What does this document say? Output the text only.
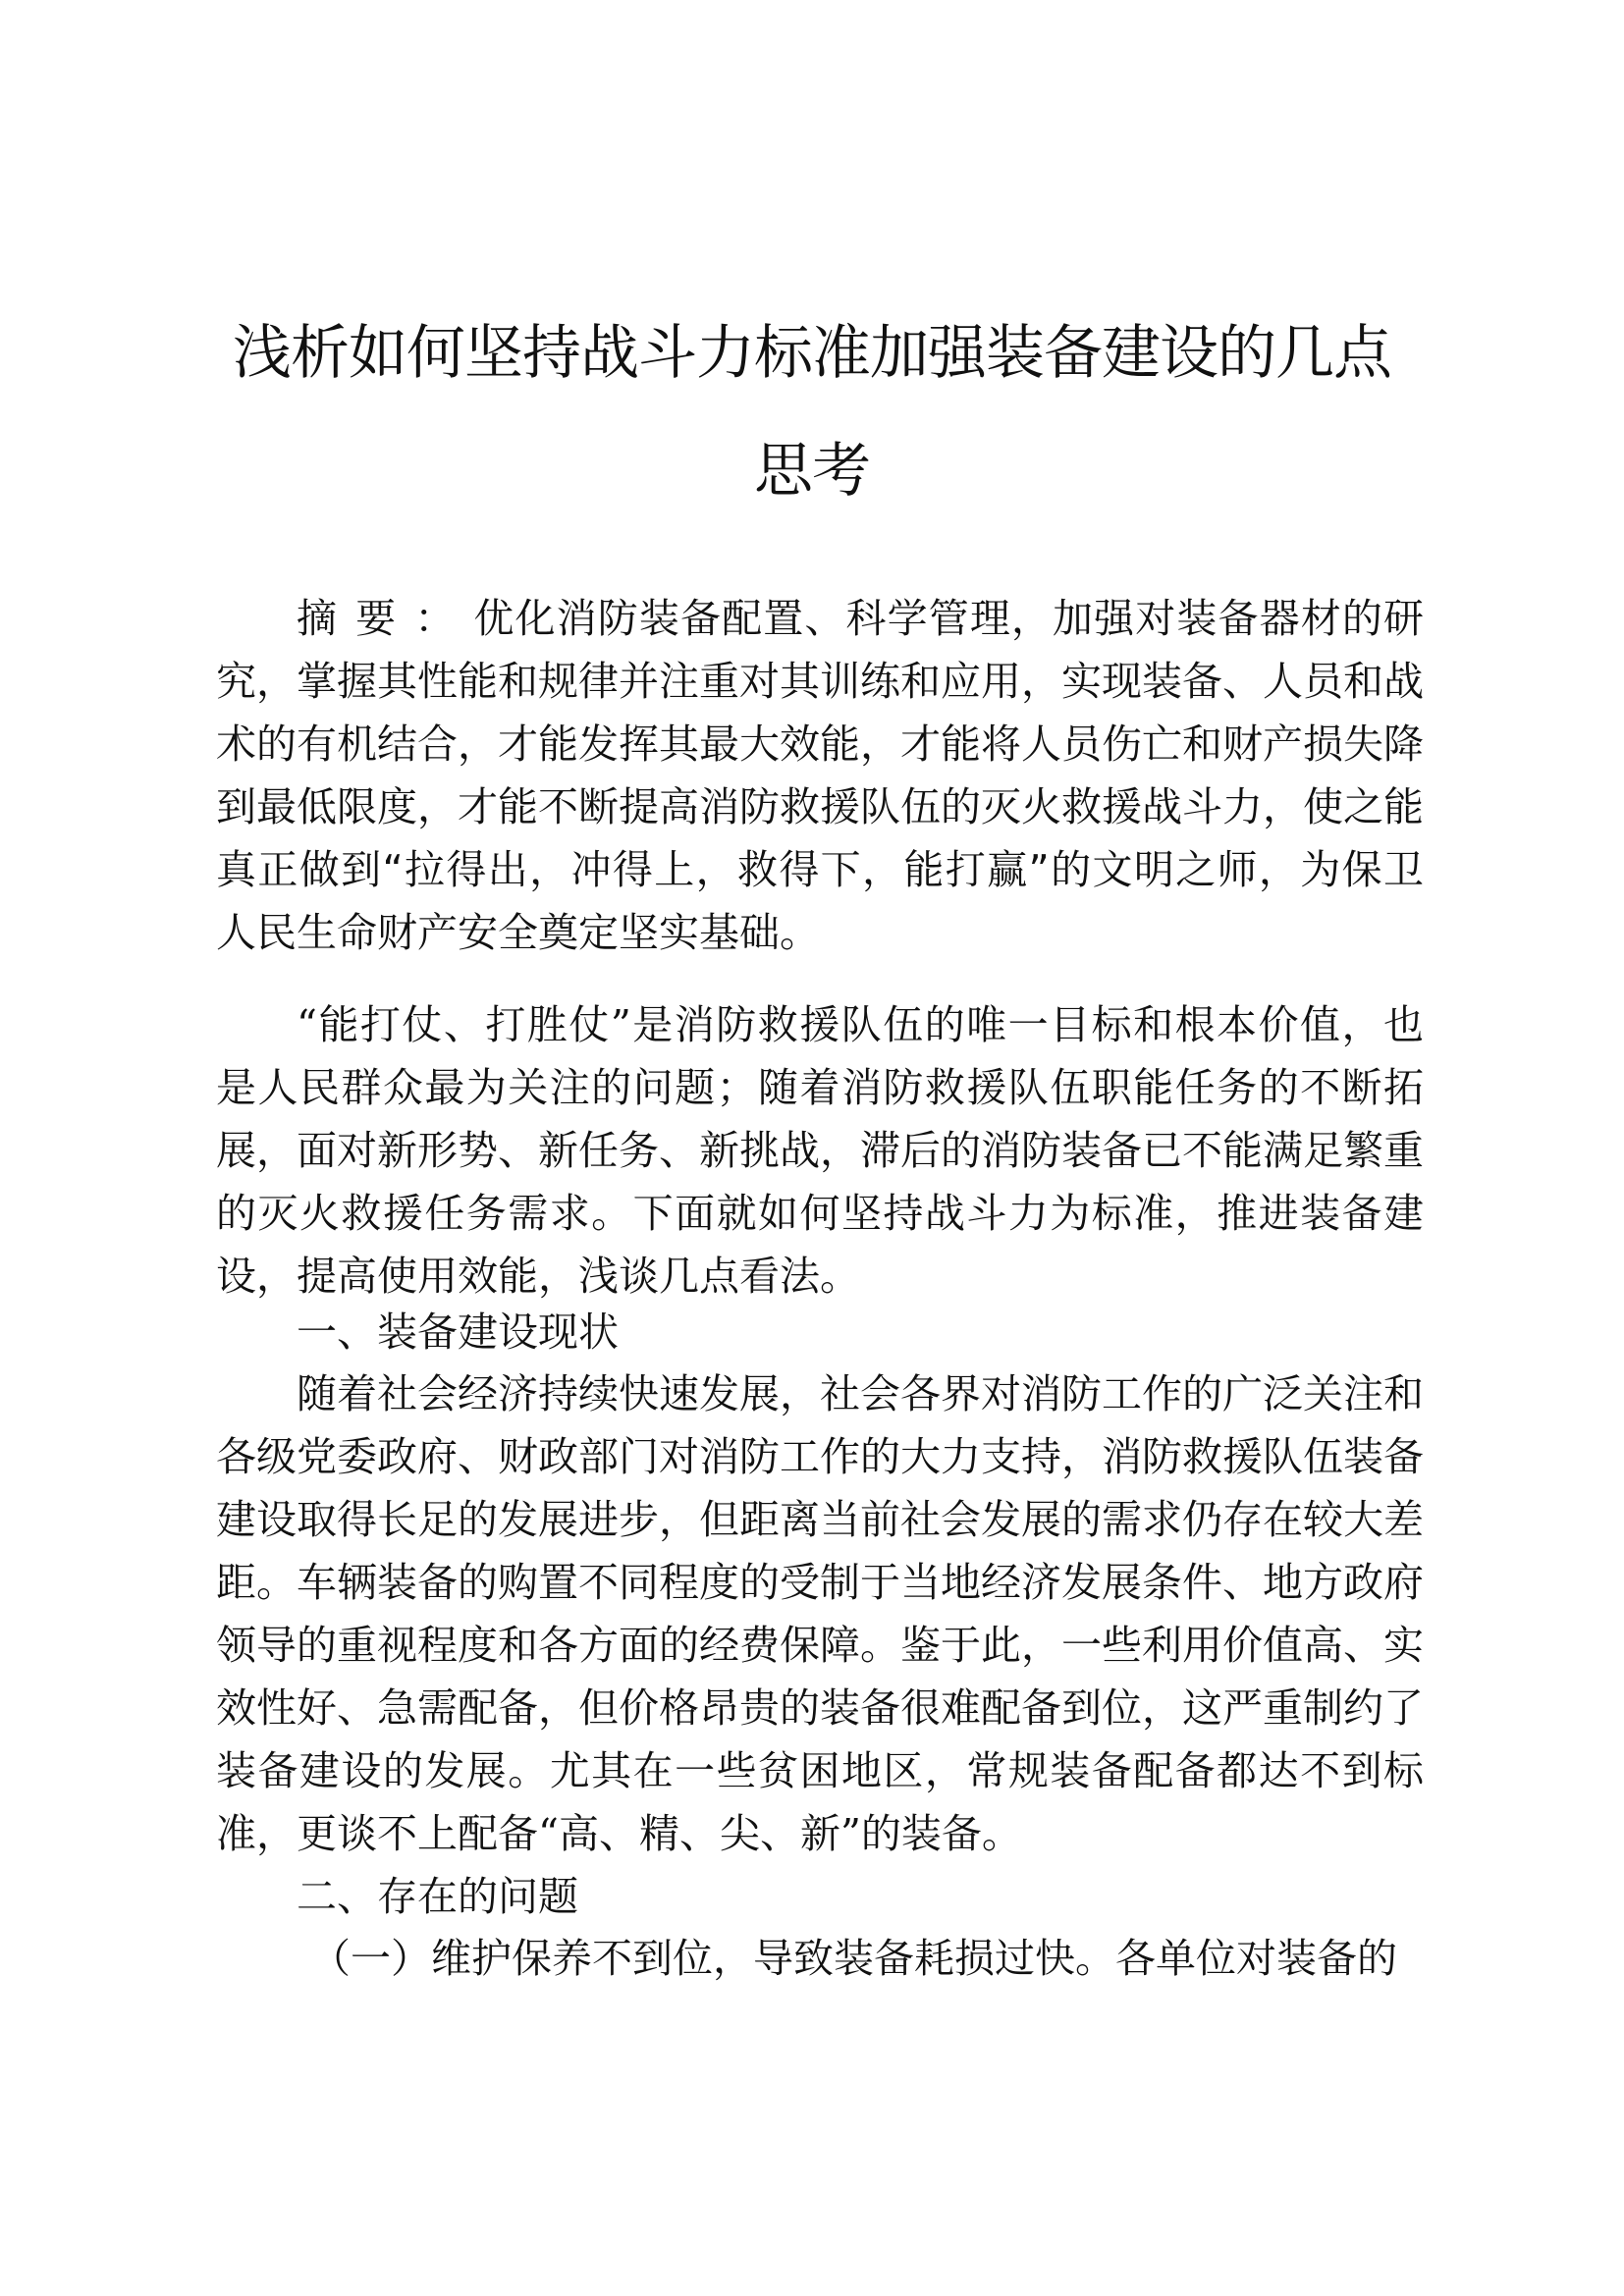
浅析如何坚持战斗力标准加强装备建设的几点
思考

摘要：优化消防装备配置、科学管理，加强对装备器材的研究，掌握其性能和规律并注重对其训练和应用，实现装备、人员和战术的有机结合，才能发挥其最大效能，才能将人员伤亡和财产损失降到最低限度，才能不断提高消防救援队伍的灭火救援战斗力，使之能真正做到“拉得出，冲得上，救得下，能打赢”的文明之师，为保卫人民生命财产安全奠定坚实基础。

“能打仗、打胜仗”是消防救援队伍的唯一目标和根本价值，也是人民群众最为关注的问题；随着消防救援队伍职能任务的不断拓展，面对新形势、新任务、新挑战，滞后的消防装备已不能满足繁重的灭火救援任务需求。下面就如何坚持战斗力为标准，推进装备建设，提高使用效能，浅谈几点看法。

一、装备建设现状

随着社会经济持续快速发展，社会各界对消防工作的广泛关注和各级党委政府、财政部门对消防工作的大力支持，消防救援队伍装备建设取得长足的发展进步，但距离当前社会发展的需求仍存在较大差距。车辆装备的购置不同程度的受制于当地经济发展条件、地方政府领导的重视程度和各方面的经费保障。鉴于此，一些利用价值高、实效性好、急需配备，但价格昂贵的装备很难配备到位，这严重制约了装备建设的发展。尤其在一些贫困地区，常规装备配备都达不到标准，更谈不上配备“高、精、尖、新”的装备。

二、存在的问题

（一）维护保养不到位，导致装备耗损过快。各单位对装备的
